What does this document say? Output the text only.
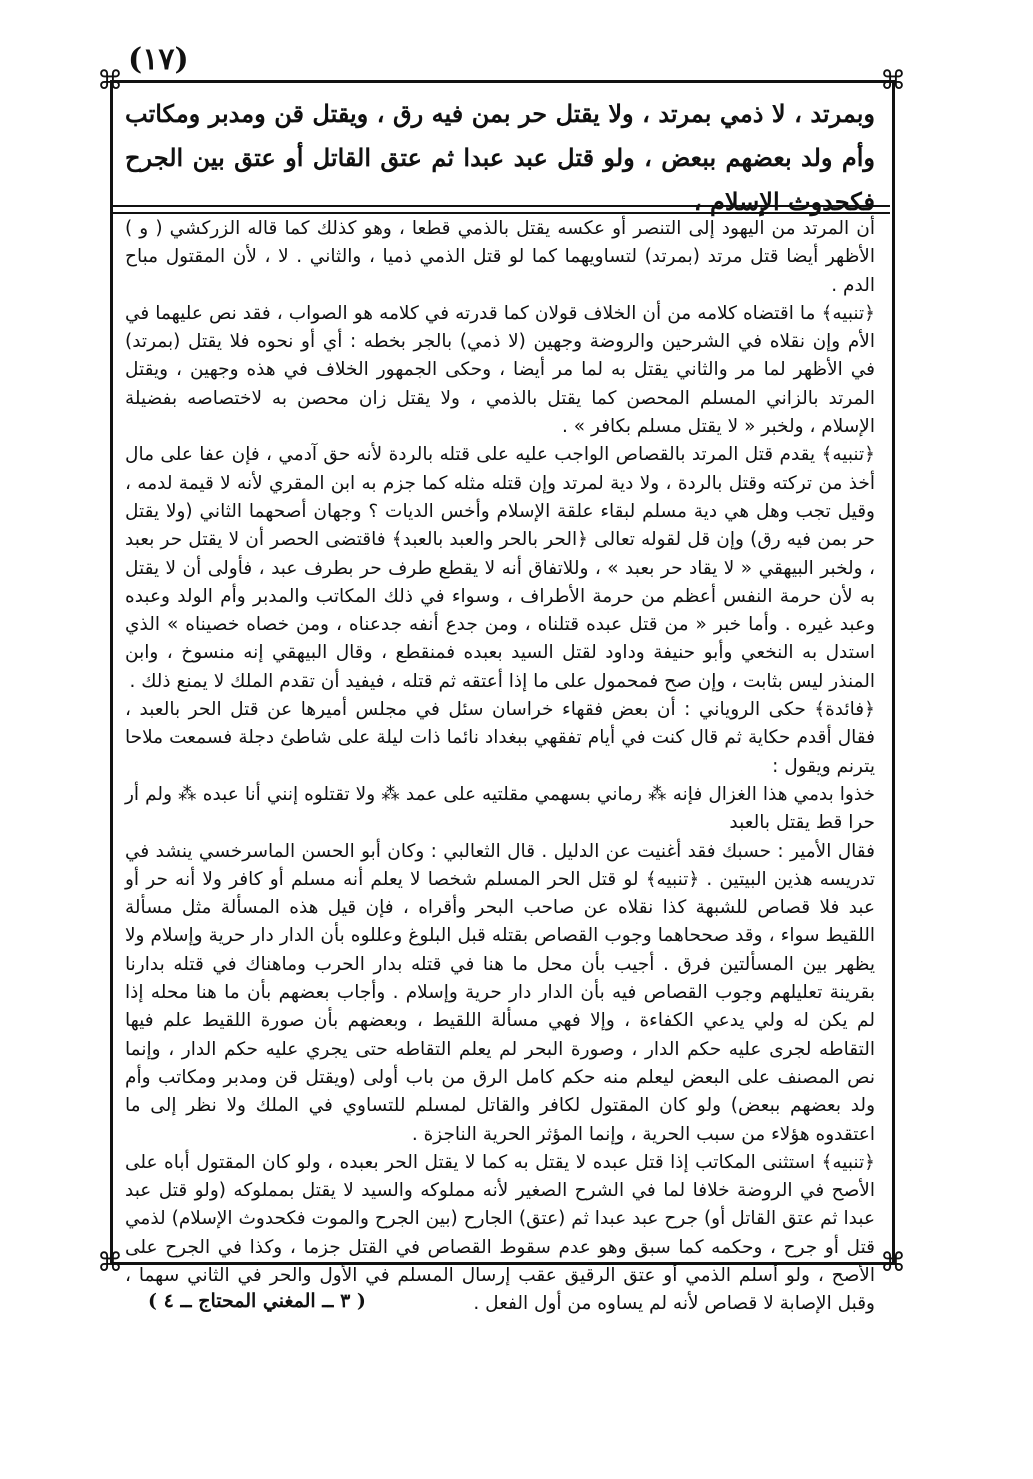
(١٧)
⌘	⌘
⌘	⌘
وبمرتد ، لا ذمي بمرتد ، ولا يقتل حر بمن فيه رق ، ويقتل قن ومدبر ومكاتب وأم ولد بعضهم ببعض ، ولو قتل عبد عبدا ثم عتق القاتل أو عتق بين الجرح فكحدوث الإسلام ،

أن المرتد من اليهود إلى التنصر أو عكسه يقتل بالذمي قطعا ، وهو كذلك كما قاله الزركشي ( و ) الأظهر أيضا قتل مرتد (بمرتد) لتساويهما كما لو قتل الذمي ذميا ، والثاني . لا ، لأن المقتول مباح الدم .

﴿تنبيه﴾ ما اقتضاه كلامه من أن الخلاف قولان كما قدرته في كلامه هو الصواب ، فقد نص عليهما في الأم وإن نقلاه في الشرحين والروضة وجهين (لا ذمي) بالجر بخطه : أي أو نحوه فلا يقتل (بمرتد) في الأظهر لما مر والثاني يقتل به لما مر أيضا ، وحكى الجمهور الخلاف في هذه وجهين ، ويقتل المرتد بالزاني المسلم المحصن كما يقتل بالذمي ، ولا يقتل زان محصن به لاختصاصه بفضيلة الإسلام ، ولخبر « لا يقتل مسلم بكافر » .

﴿تنبيه﴾ يقدم قتل المرتد بالقصاص الواجب عليه على قتله بالردة لأنه حق آدمي ، فإن عفا على مال أخذ من تركته وقتل بالردة ، ولا دية لمرتد وإن قتله مثله كما جزم به ابن المقري لأنه لا قيمة لدمه ، وقيل تجب وهل هي دية مسلم لبقاء علقة الإسلام وأخس الديات ؟ وجهان أصحهما الثاني (ولا يقتل حر بمن فيه رق) وإن قل لقوله تعالى ﴿الحر بالحر والعبد بالعبد﴾ فاقتضى الحصر أن لا يقتل حر بعبد ، ولخبر البيهقي « لا يقاد حر بعبد » ، وللاتفاق أنه لا يقطع طرف حر بطرف عبد ، فأولى أن لا يقتل به لأن حرمة النفس أعظم من حرمة الأطراف ، وسواء في ذلك المكاتب والمدبر وأم الولد وعبده وعبد غيره . وأما خبر « من قتل عبده قتلناه ، ومن جدع أنفه جدعناه ، ومن خصاه خصيناه » الذي استدل به النخعي وأبو حنيفة وداود لقتل السيد بعبده فمنقطع ، وقال البيهقي إنه منسوخ ، وابن المنذر ليس بثابت ، وإن صح فمحمول على ما إذا أعتقه ثم قتله ، فيفيد أن تقدم الملك لا يمنع ذلك .

﴿فائدة﴾ حكى الروياني : أن بعض فقهاء خراسان سئل في مجلس أميرها عن قتل الحر بالعبد ، فقال أقدم حكاية ثم قال كنت في أيام تفقهي ببغداد نائما ذات ليلة على شاطئ دجلة فسمعت ملاحا يترنم ويقول :

خذوا بدمي هذا الغزال فإنه ⁂ رماني بسهمي مقلتيه على عمد ⁂ ولا تقتلوه إنني أنا عبده ⁂ ولم أر حرا قط يقتل بالعبد

فقال الأمير : حسبك فقد أغنيت عن الدليل . قال الثعالبي : وكان أبو الحسن الماسرخسي ينشد في تدريسه هذين البيتين . ﴿تنبيه﴾ لو قتل الحر المسلم شخصا لا يعلم أنه مسلم أو كافر ولا أنه حر أو عبد فلا قصاص للشبهة كذا نقلاه عن صاحب البحر وأقراه ، فإن قيل هذه المسألة مثل مسألة اللقيط سواء ، وقد صححاهما وجوب القصاص بقتله قبل البلوغ وعللوه بأن الدار دار حرية وإسلام ولا يظهر بين المسألتين فرق . أجيب بأن محل ما هنا في قتله بدار الحرب وماهناك في قتله بدارنا بقرينة تعليلهم وجوب القصاص فيه بأن الدار دار حرية وإسلام . وأجاب بعضهم بأن ما هنا محله إذا لم يكن له ولي يدعي الكفاءة ، وإلا فهي مسألة اللقيط ، وبعضهم بأن صورة اللقيط علم فيها التقاطه لجرى عليه حكم الدار ، وصورة البحر لم يعلم التقاطه حتى يجري عليه حكم الدار ، وإنما نص المصنف على البعض ليعلم منه حكم كامل الرق من باب أولى (ويقتل قن ومدبر ومكاتب وأم ولد بعضهم ببعض) ولو كان المقتول لكافر والقاتل لمسلم للتساوي في الملك ولا نظر إلى ما اعتقدوه هؤلاء من سبب الحرية ، وإنما المؤثر الحرية الناجزة .

﴿تنبيه﴾ استثنى المكاتب إذا قتل عبده لا يقتل به كما لا يقتل الحر بعبده ، ولو كان المقتول أباه على الأصح في الروضة خلافا لما في الشرح الصغير لأنه مملوكه والسيد لا يقتل بمملوكه (ولو قتل عبد عبدا ثم عتق القاتل أو) جرح عبد عبدا ثم (عتق) الجارح (بين الجرح والموت فكحدوث الإسلام) لذمي قتل أو جرح ، وحكمه كما سبق وهو عدم سقوط القصاص في القتل جزما ، وكذا في الجرح على الأصح ، ولو أسلم الذمي أو عتق الرقيق عقب إرسال المسلم في الأول والحر في الثاني سهما ، وقبل الإصابة لا قصاص لأنه لم يساوه من أول الفعل .

( ٣ ــ المغني المحتاج ــ ٤ )
